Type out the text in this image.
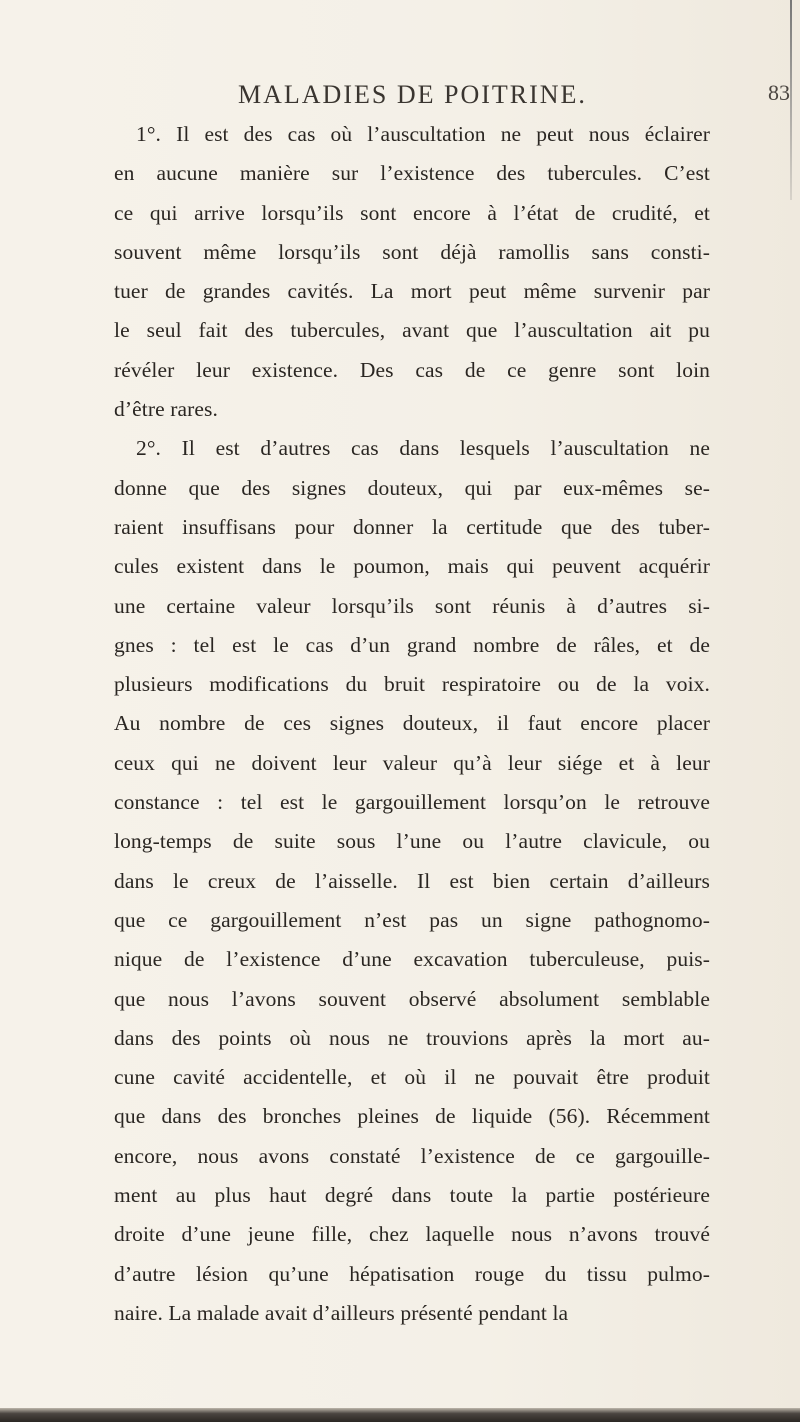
MALADIES DE POITRINE.	83
1°. Il est des cas où l’auscultation ne peut nous éclairer
en aucune manière sur l’existence des tubercules. C’est
ce qui arrive lorsqu’ils sont encore à l’état de crudité, et
souvent même lorsqu’ils sont déjà ramollis sans consti-
tuer de grandes cavités. La mort peut même survenir par
le seul fait des tubercules, avant que l’auscultation ait pu
révéler leur existence. Des cas de ce genre sont loin
d’être rares.
2°. Il est d’autres cas dans lesquels l’auscultation ne
donne que des signes douteux, qui par eux-mêmes se-
raient insuffisans pour donner la certitude que des tuber-
cules existent dans le poumon, mais qui peuvent acquérir
une certaine valeur lorsqu’ils sont réunis à d’autres si-
gnes : tel est le cas d’un grand nombre de râles, et de
plusieurs modifications du bruit respiratoire ou de la voix.
Au nombre de ces signes douteux, il faut encore placer
ceux qui ne doivent leur valeur qu’à leur siége et à leur
constance : tel est le gargouillement lorsqu’on le retrouve
long-temps de suite sous l’une ou l’autre clavicule, ou
dans le creux de l’aisselle. Il est bien certain d’ailleurs
que ce gargouillement n’est pas un signe pathognomo-
nique de l’existence d’une excavation tuberculeuse, puis-
que nous l’avons souvent observé absolument semblable
dans des points où nous ne trouvions après la mort au-
cune cavité accidentelle, et où il ne pouvait être produit
que dans des bronches pleines de liquide (56). Récemment
encore, nous avons constaté l’existence de ce gargouille-
ment au plus haut degré dans toute la partie postérieure
droite d’une jeune fille, chez laquelle nous n’avons trouvé
d’autre lésion qu’une hépatisation rouge du tissu pulmo-
naire. La malade avait d’ailleurs présenté pendant la
